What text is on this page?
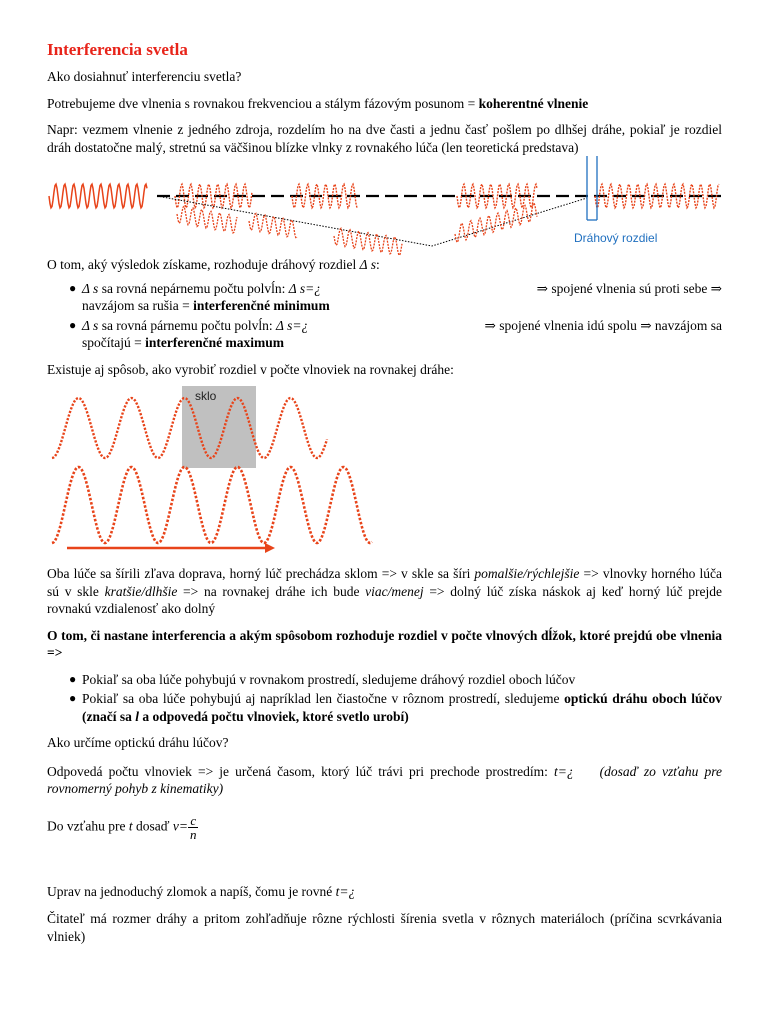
Interferencia svetla

Ako dosiahnuť interferenciu svetla?

Potrebujeme dve vlnenia s rovnakou frekvenciou a stálym fázovým posunom = koherentné vlnenie

Napr: vezmem vlnenie z jedného zdroja, rozdelím ho na dve časti a jednu časť pošlem po dlhšej dráhe, pokiaľ je rozdiel dráh dostatočne malý, stretnú sa väčšinou blízke vlnky z rovnakého lúča (len teoretická predstava)

Dráhový rozdiel

O tom, aký výsledok získame, rozhoduje dráhový rozdiel Δ s:

● Δ s sa rovná nepárnemu počtu polvĺn: Δ s=¿	⇒ spojené vlnenia sú proti sebe ⇒
navzájom sa rušia = interferenčné minimum
● Δ s sa rovná párnemu počtu polvĺn: Δ s=¿	⇒ spojené vlnenia idú spolu ⇒ navzájom sa
spočítajú = interferenčné maximum

Existuje aj spôsob, ako vyrobiť rozdiel v počte vlnoviek na rovnakej dráhe:

sklo

Oba lúče sa šírili zľava doprava, horný lúč prechádza sklom => v skle sa šíri pomalšie/rýchlejšie => vlnovky horného lúča sú v skle kratšie/dlhšie => na rovnakej dráhe ich bude viac/menej => dolný lúč získa náskok aj keď horný lúč prejde rovnakú vzdialenosť ako dolný

O tom, či nastane interferencia a akým spôsobom rozhoduje rozdiel v počte vlnových dĺžok, ktoré prejdú obe vlnenia =>

● Pokiaľ sa oba lúče pohybujú v rovnakom prostredí, sledujeme dráhový rozdiel oboch lúčov
● Pokiaľ sa oba lúče pohybujú aj napríklad len čiastočne v rôznom prostredí, sledujeme optickú dráhu oboch lúčov (značí sa l a odpovedá počtu vlnoviek, ktoré svetlo urobí)

Ako určíme optickú dráhu lúčov?

Odpovedá počtu vlnoviek => je určená časom, ktorý lúč trávi pri prechode prostredím: t=¿ (dosaď zo vzťahu pre rovnomerný pohyb z kinematiky)

Do vzťahu pre t dosaď $v= \frac{c}{n}$

Uprav na jednoduchý zlomok a napíš, čomu je rovné t=¿

Čitateľ má rozmer dráhy a pritom zohľadňuje rôzne rýchlosti šírenia svetla v rôznych materiáloch (príčina scvrkávania vlniek)
